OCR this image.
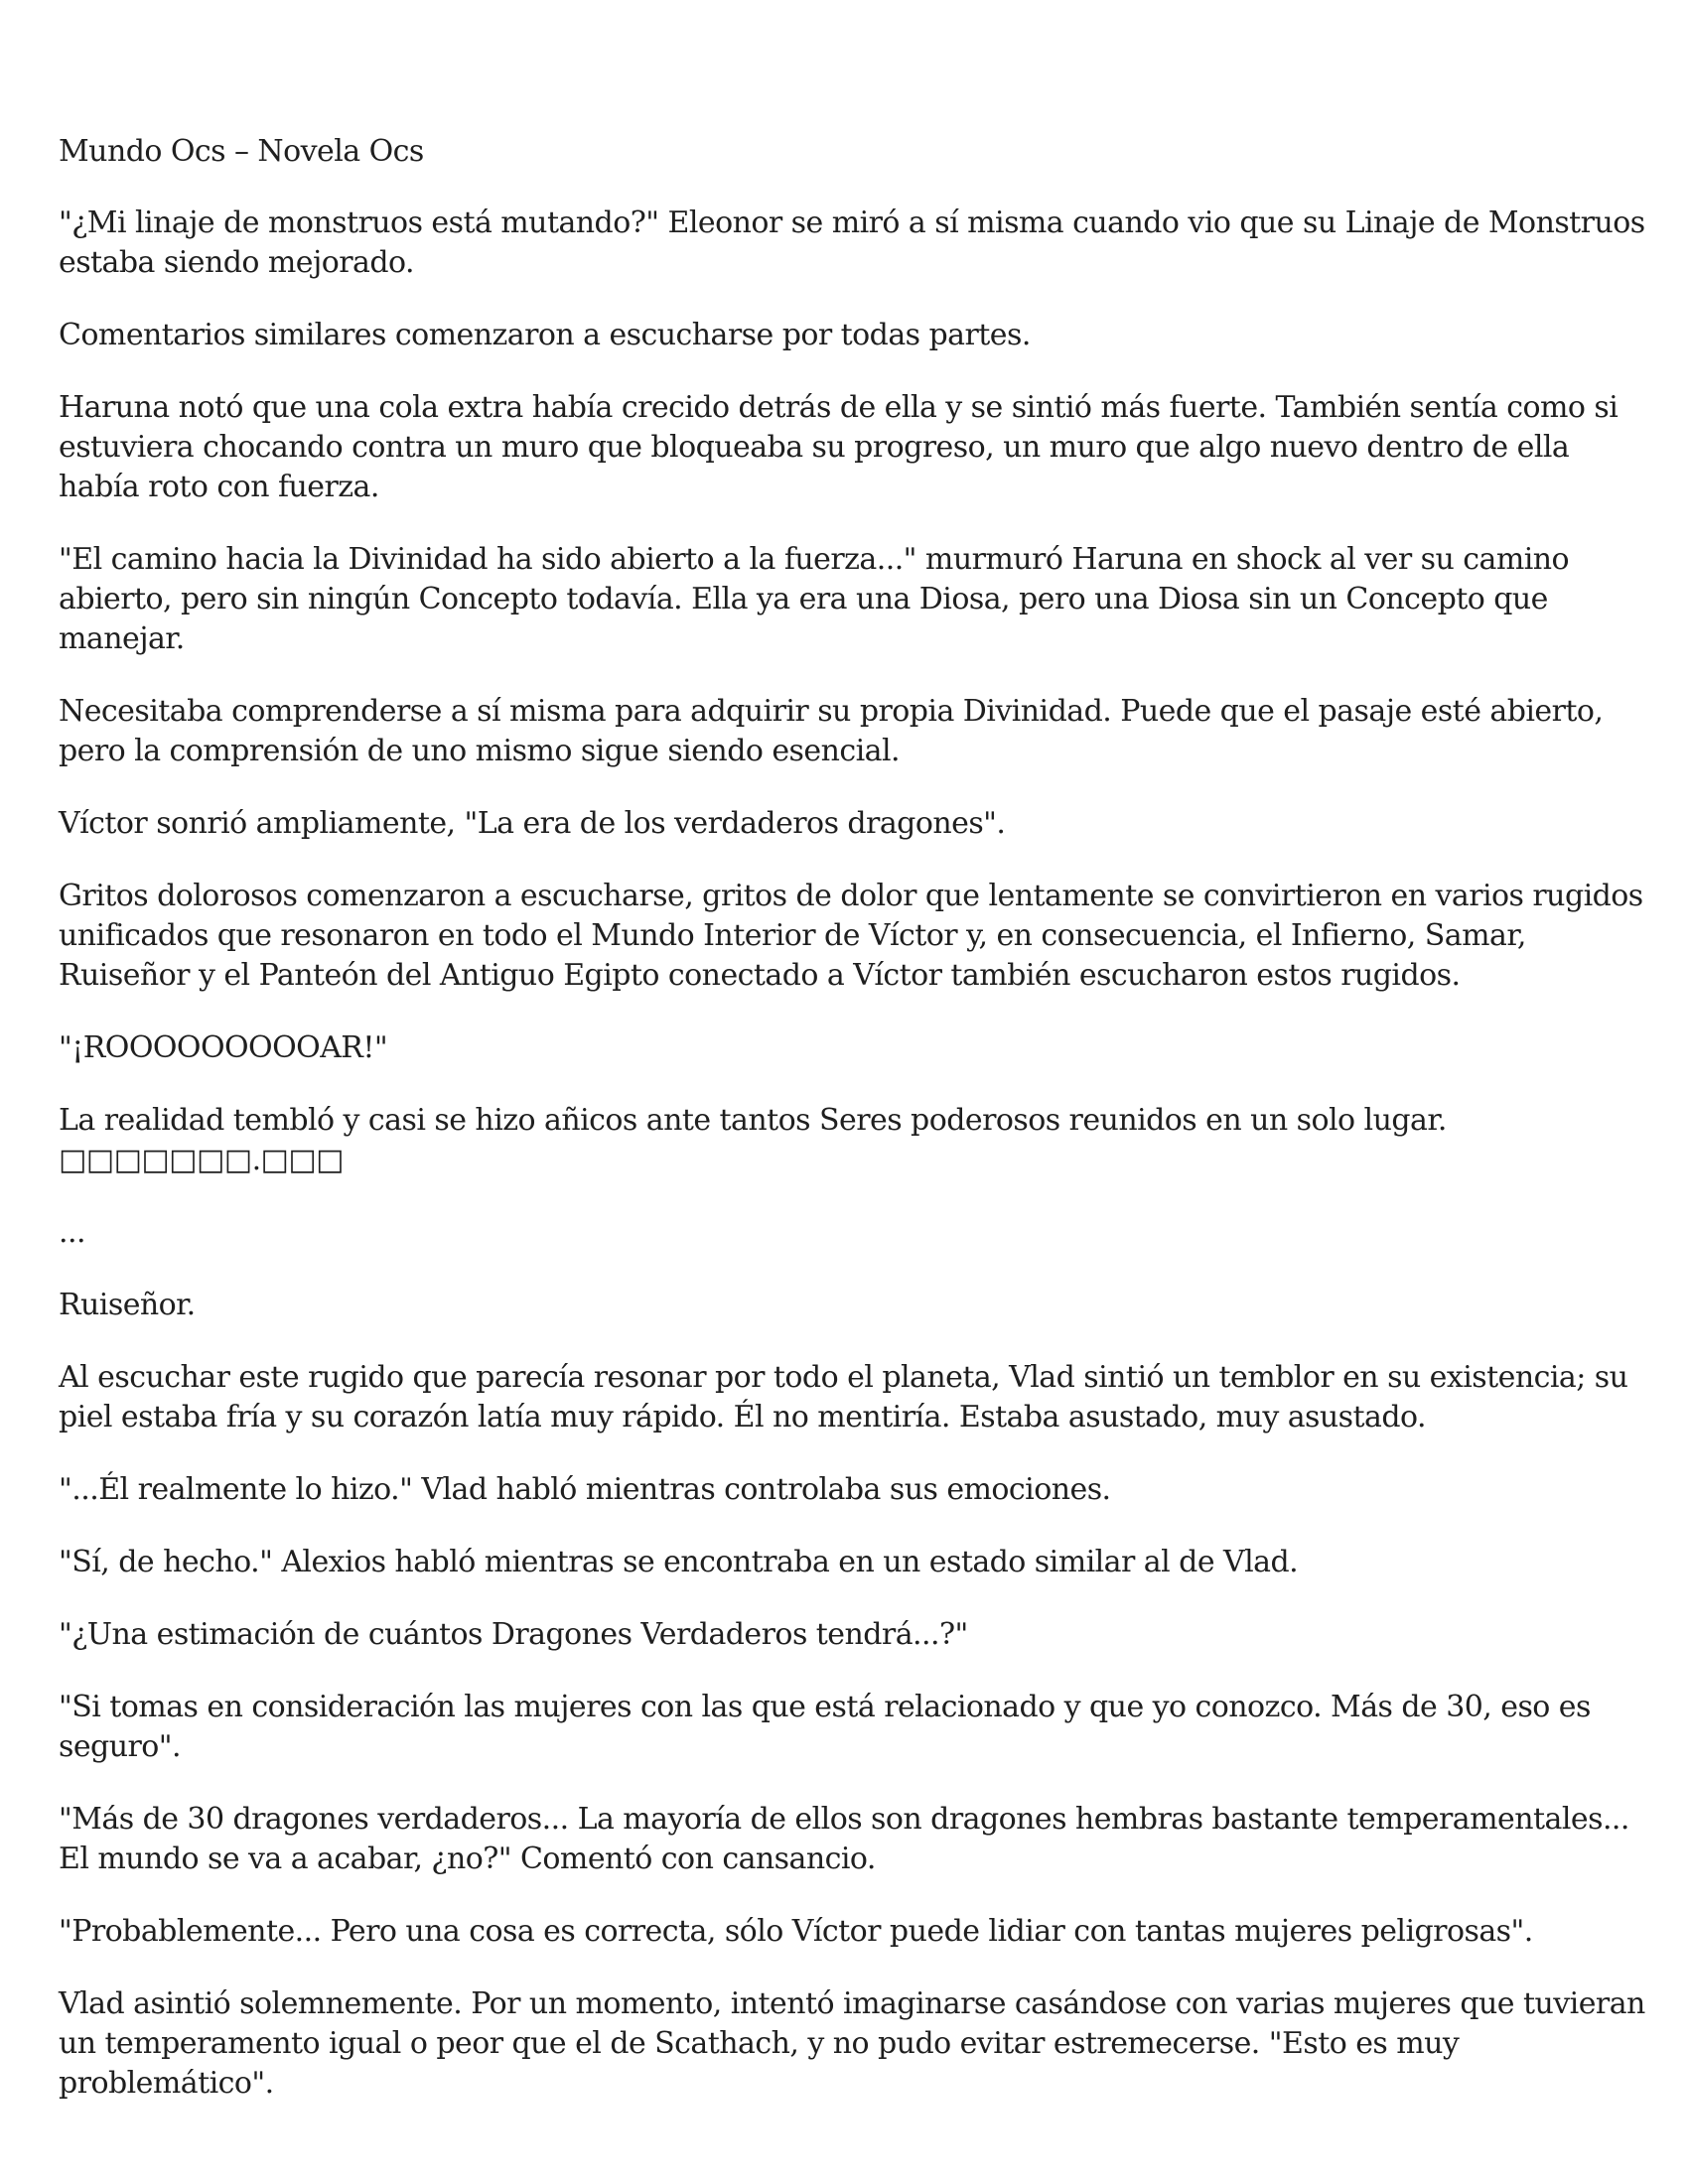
Mundo Ocs – Novela Ocs

"¿Mi linaje de monstruos está mutando?" Eleonor se miró a sí misma cuando vio que su Linaje de Monstruos estaba siendo mejorado.

Comentarios similares comenzaron a escucharse por todas partes.

Haruna notó que una cola extra había crecido detrás de ella y se sintió más fuerte. También sentía como si estuviera chocando contra un muro que bloqueaba su progreso, un muro que algo nuevo dentro de ella había roto con fuerza.

"El camino hacia la Divinidad ha sido abierto a la fuerza..." murmuró Haruna en shock al ver su camino abierto, pero sin ningún Concepto todavía. Ella ya era una Diosa, pero una Diosa sin un Concepto que manejar.

Necesitaba comprenderse a sí misma para adquirir su propia Divinidad. Puede que el pasaje esté abierto, pero la comprensión de uno mismo sigue siendo esencial.

Víctor sonrió ampliamente, "La era de los verdaderos dragones".

Gritos dolorosos comenzaron a escucharse, gritos de dolor que lentamente se convirtieron en varios rugidos unificados que resonaron en todo el Mundo Interior de Víctor y, en consecuencia, el Infierno, Samar, Ruiseñor y el Panteón del Antiguo Egipto conectado a Víctor también escucharon estos rugidos.

"¡ROOOOOOOOOAR!"

La realidad tembló y casi se hizo añicos ante tantos Seres poderosos reunidos en un solo lugar. □□□□□□□.□□□

...

Ruiseñor.

Al escuchar este rugido que parecía resonar por todo el planeta, Vlad sintió un temblor en su existencia; su piel estaba fría y su corazón latía muy rápido. Él no mentiría. Estaba asustado, muy asustado.

"...Él realmente lo hizo." Vlad habló mientras controlaba sus emociones.

"Sí, de hecho." Alexios habló mientras se encontraba en un estado similar al de Vlad.

"¿Una estimación de cuántos Dragones Verdaderos tendrá...?"

"Si tomas en consideración las mujeres con las que está relacionado y que yo conozco. Más de 30, eso es seguro".

"Más de 30 dragones verdaderos... La mayoría de ellos son dragones hembras bastante temperamentales... El mundo se va a acabar, ¿no?" Comentó con cansancio.

"Probablemente... Pero una cosa es correcta, sólo Víctor puede lidiar con tantas mujeres peligrosas".

Vlad asintió solemnemente. Por un momento, intentó imaginarse casándose con varias mujeres que tuvieran un temperamento igual o peor que el de Scathach, y no pudo evitar estremecerse. "Esto es muy problemático".
